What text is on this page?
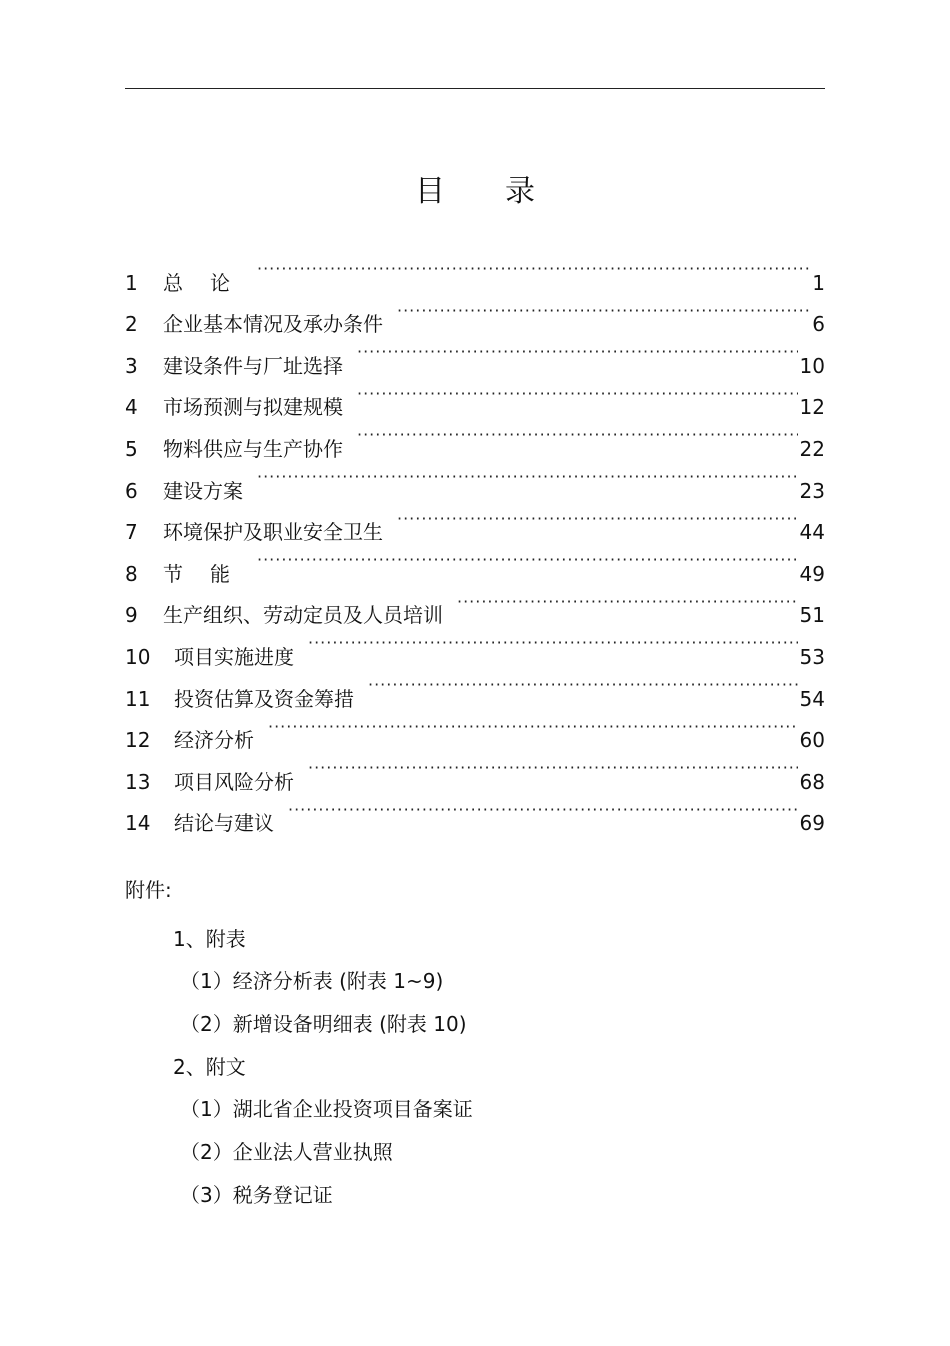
目　　录
1	总论 ·····	1
2	企业基本情况及承办条件 ·····	6
3	建设条件与厂址选择 ·····	10
4	市场预测与拟建规模 ·····	12
5	物料供应与生产协作 ·····	22
6	建设方案 ·····	23
7	环境保护及职业安全卫生 ·····	44
8	节能 ·····	49
9	生产组织、劳动定员及人员培训 ·····	51
10	项目实施进度 ·····	53
11	投资估算及资金筹措 ·····	54
12	经济分析 ·····	60
13	项目风险分析 ·····	68
14	结论与建议 ·····	69
附件:
1、附表
（1）经济分析表 (附表 1~9)
（2）新增设备明细表 (附表 10)
2、附文
（1）湖北省企业投资项目备案证
（2）企业法人营业执照
（3）税务登记证
